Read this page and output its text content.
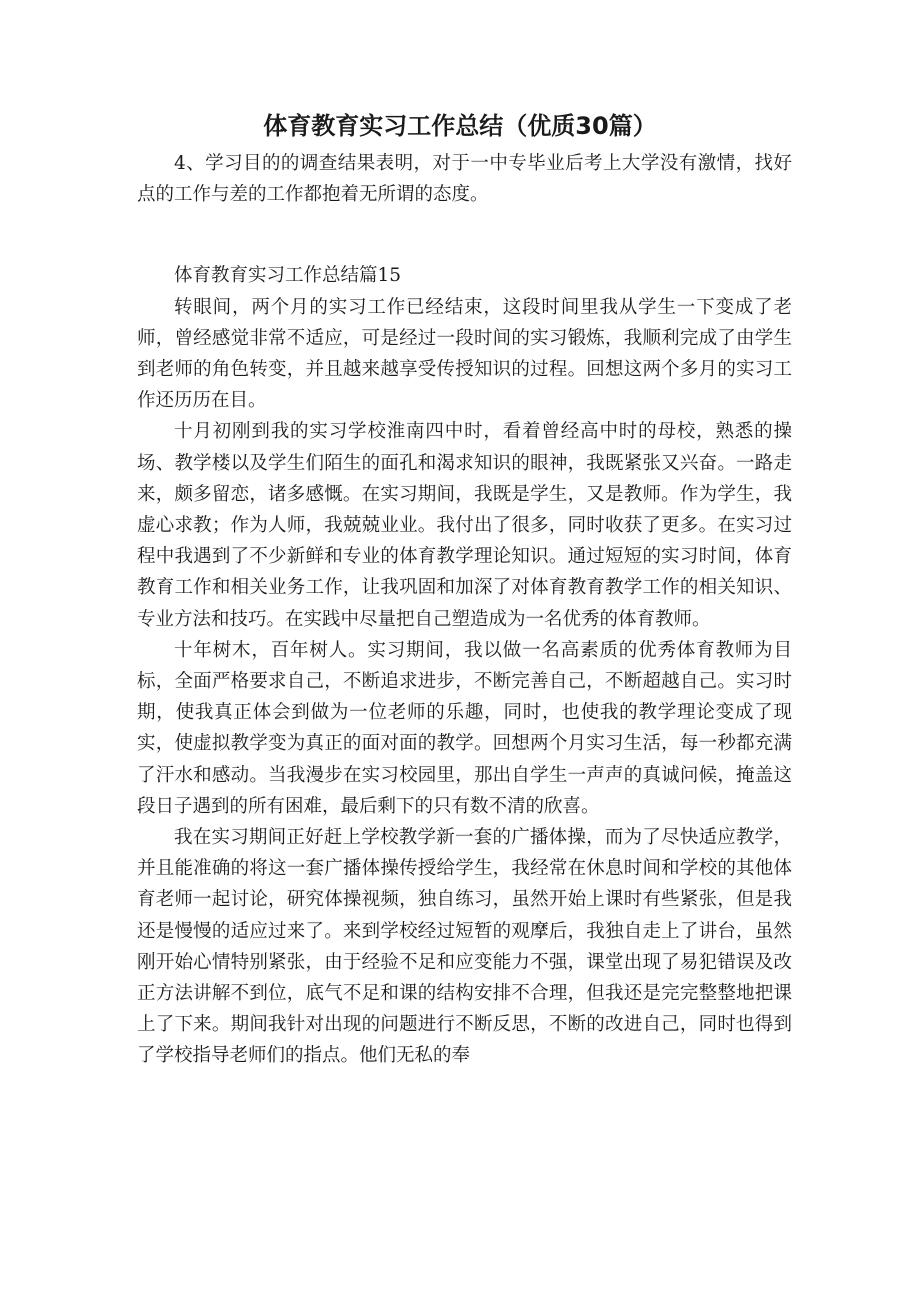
体育教育实习工作总结（优质30篇）

4、学习目的的调查结果表明，对于一中专毕业后考上大学没有激情，找好点的工作与差的工作都抱着无所谓的态度。

体育教育实习工作总结篇15

转眼间，两个月的实习工作已经结束，这段时间里我从学生一下变成了老师，曾经感觉非常不适应，可是经过一段时间的实习锻炼，我顺利完成了由学生到老师的角色转变，并且越来越享受传授知识的过程。回想这两个多月的实习工作还历历在目。

十月初刚到我的实习学校淮南四中时，看着曾经高中时的母校，熟悉的操场、教学楼以及学生们陌生的面孔和渴求知识的眼神，我既紧张又兴奋。一路走来，颇多留恋，诸多感慨。在实习期间，我既是学生，又是教师。作为学生，我虚心求教；作为人师，我兢兢业业。我付出了很多，同时收获了更多。在实习过程中我遇到了不少新鲜和专业的体育教学理论知识。通过短短的实习时间，体育教育工作和相关业务工作，让我巩固和加深了对体育教育教学工作的相关知识、专业方法和技巧。在实践中尽量把自己塑造成为一名优秀的体育教师。

十年树木，百年树人。实习期间，我以做一名高素质的优秀体育教师为目标，全面严格要求自己，不断追求进步，不断完善自己，不断超越自己。实习时期，使我真正体会到做为一位老师的乐趣，同时，也使我的教学理论变成了现实，使虚拟教学变为真正的面对面的教学。回想两个月实习生活，每一秒都充满了汗水和感动。当我漫步在实习校园里，那出自学生一声声的真诚问候，掩盖这段日子遇到的所有困难，最后剩下的只有数不清的欣喜。

我在实习期间正好赶上学校教学新一套的广播体操，而为了尽快适应教学，并且能准确的将这一套广播体操传授给学生，我经常在休息时间和学校的其他体育老师一起讨论，研究体操视频，独自练习，虽然开始上课时有些紧张，但是我还是慢慢的适应过来了。来到学校经过短暂的观摩后，我独自走上了讲台，虽然刚开始心情特别紧张，由于经验不足和应变能力不强，课堂出现了易犯错误及改正方法讲解不到位，底气不足和课的结构安排不合理，但我还是完完整整地把课上了下来。期间我针对出现的问题进行不断反思，不断的改进自己，同时也得到了学校指导老师们的指点。他们无私的奉
